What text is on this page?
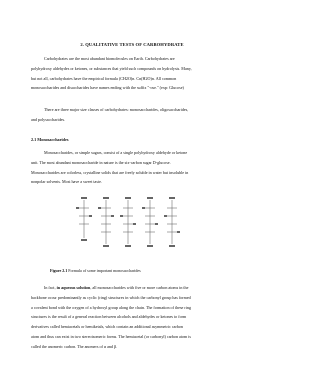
2. QUALITATIVE TESTS OF CARBOHYDRATE
Carbohydrates are the most abundant biomolecules on Earth. Carbohydrates are
polyhydroxy aldehydes or ketones, or substances that yield such compounds on hydrolysis. Many,
but not all, carbohydrates have the empirical formula (CH2O)n. Cn(H2O)n. All common
monosaccharides and disaccharides have names ending with the suffix "-ose." (exp: Glucose)
There are three major size classes of carbohydrates: monosaccharides, oligosaccharides,
and polysaccharides.
2.1 Monosaccharides
Monosaccharides, or simple sugars, consist of a single polyhydroxy aldehyde or ketone
unit. The most abundant monosaccharide in nature is the six-carbon sugar D-glucose.
Monosaccharides are colorless, crystalline solids that are freely soluble in water but insoluble in
nonpolar solvents. Most have a sweet taste.
Figure 2.1 Formula of some important monosaccharides
In fact, in aqueous solution, all monosaccharides with five or more carbon atoms in the
backbone occur predominantly as cyclic (ring) structures in which the carbonyl group has formed
a covalent bond with the oxygen of a hydroxyl group along the chain. The formation of these ring
structures is the result of a general reaction between alcohols and aldehydes or ketones to form
derivatives called hemiacetals or hemiketals, which contain an additional asymmetric carbon
atom and thus can exist in two stereoisomeric forms. The hemiacetal (or carbonyl) carbon atom is
called the anomeric carbon. The anomers of α and β.
